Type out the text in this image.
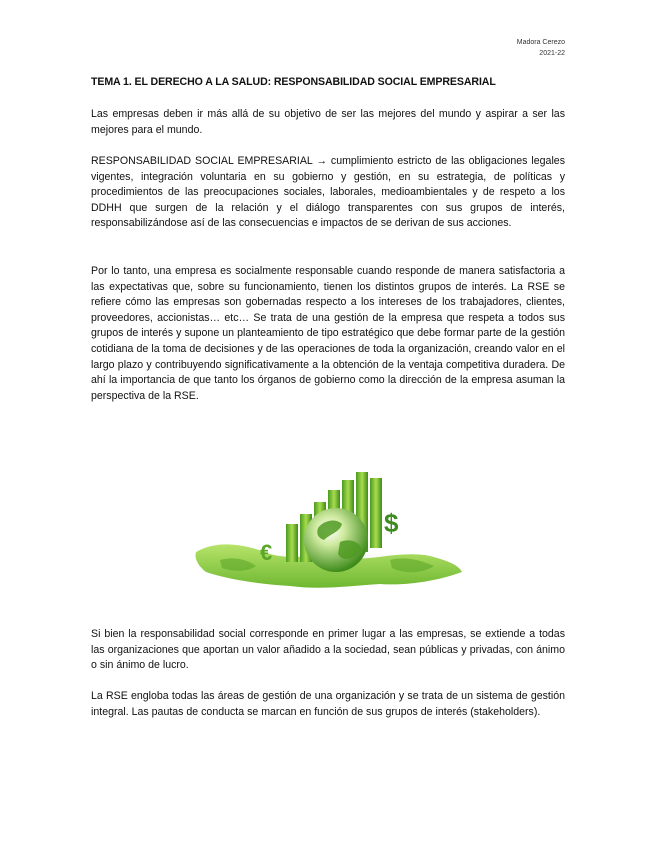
Madora Cerezo
2021-22
TEMA 1. EL DERECHO A LA SALUD: RESPONSABILIDAD SOCIAL EMPRESARIAL

Las empresas deben ir más allá de su objetivo de ser las mejores del mundo y aspirar a ser las mejores para el mundo.

RESPONSABILIDAD SOCIAL EMPRESARIAL → cumplimiento estricto de las obligaciones legales vigentes, integración voluntaria en su gobierno y gestión, en su estrategia, de políticas y procedimientos de las preocupaciones sociales, laborales, medioambientales y de respeto a los DDHH que surgen de la relación y el diálogo transparentes con sus grupos de interés, responsabilizándose así de las consecuencias e impactos de se derivan de sus acciones.

Por lo tanto, una empresa es socialmente responsable cuando responde de manera satisfactoria a las expectativas que, sobre su funcionamiento, tienen los distintos grupos de interés. La RSE se refiere cómo las empresas son gobernadas respecto a los intereses de los trabajadores, clientes, proveedores, accionistas… etc… Se trata de una gestión de la empresa que respeta a todos sus grupos de interés y supone un planteamiento de tipo estratégico que debe formar parte de la gestión cotidiana de la toma de decisiones y de las operaciones de toda la organización, creando valor en el largo plazo y contribuyendo significativamente a la obtención de la ventaja competitiva duradera. De ahí la importancia de que tanto los órganos de gobierno como la dirección de la empresa asuman la perspectiva de la RSE.

$
€

Si bien la responsabilidad social corresponde en primer lugar a las empresas, se extiende a todas las organizaciones que aportan un valor añadido a la sociedad, sean públicas y privadas, con ánimo o sin ánimo de lucro.

La RSE engloba todas las áreas de gestión de una organización y se trata de un sistema de gestión integral. Las pautas de conducta se marcan en función de sus grupos de interés (stakeholders).
